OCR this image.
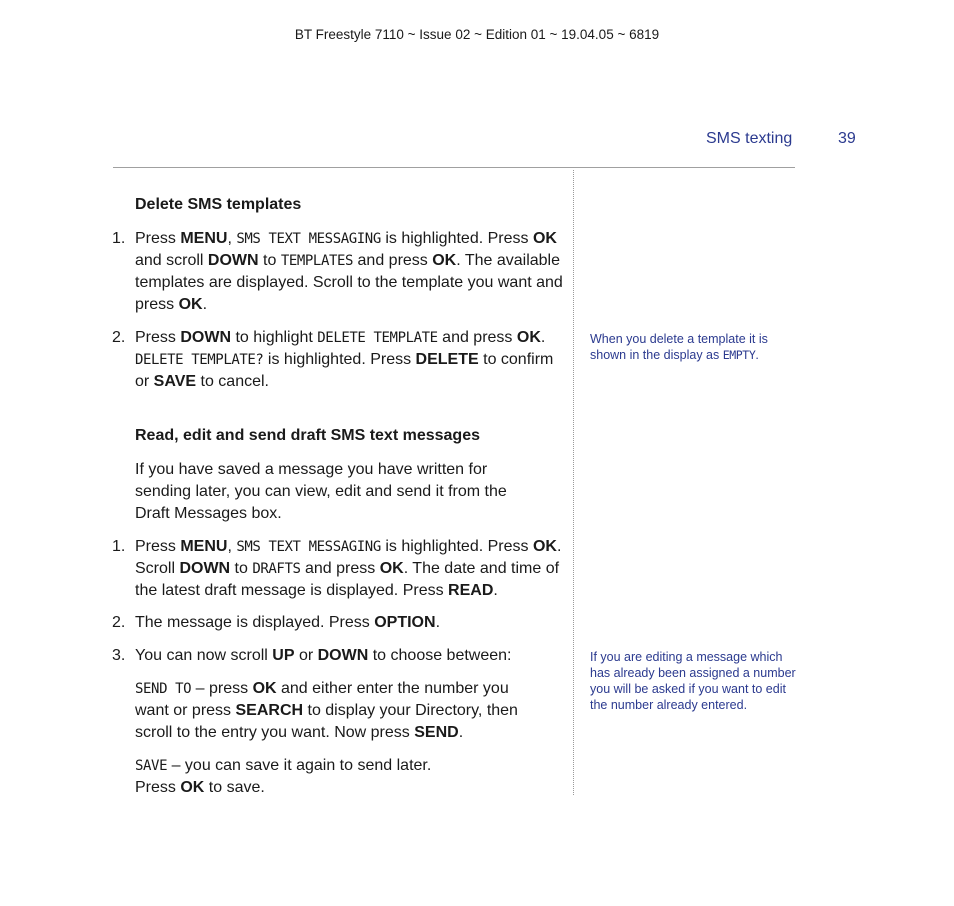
BT Freestyle 7110 ~ Issue 02 ~ Edition 01 ~ 19.04.05 ~ 6819
SMS texting	39
Delete SMS templates
1. Press MENU, SMS TEXT MESSAGING is highlighted. Press OK and scroll DOWN to TEMPLATES and press OK. The available templates are displayed. Scroll to the template you want and press OK.
2. Press DOWN to highlight DELETE TEMPLATE and press OK.
DELETE TEMPLATE? is highlighted. Press DELETE to confirm or SAVE to cancel.
Read, edit and send draft SMS text messages
If you have saved a message you have written for sending later, you can view, edit and send it from the Draft Messages box.
1. Press MENU, SMS TEXT MESSAGING is highlighted. Press OK. Scroll DOWN to DRAFTS and press OK. The date and time of the latest draft message is displayed. Press READ.
2. The message is displayed. Press OPTION.
3. You can now scroll UP or DOWN to choose between:
SEND TO – press OK and either enter the number you want or press SEARCH to display your Directory, then scroll to the entry you want. Now press SEND.
SAVE – you can save it again to send later.
Press OK to save.
When you delete a template it is shown in the display as EMPTY.
If you are editing a message which has already been assigned a number you will be asked if you want to edit the number already entered.
